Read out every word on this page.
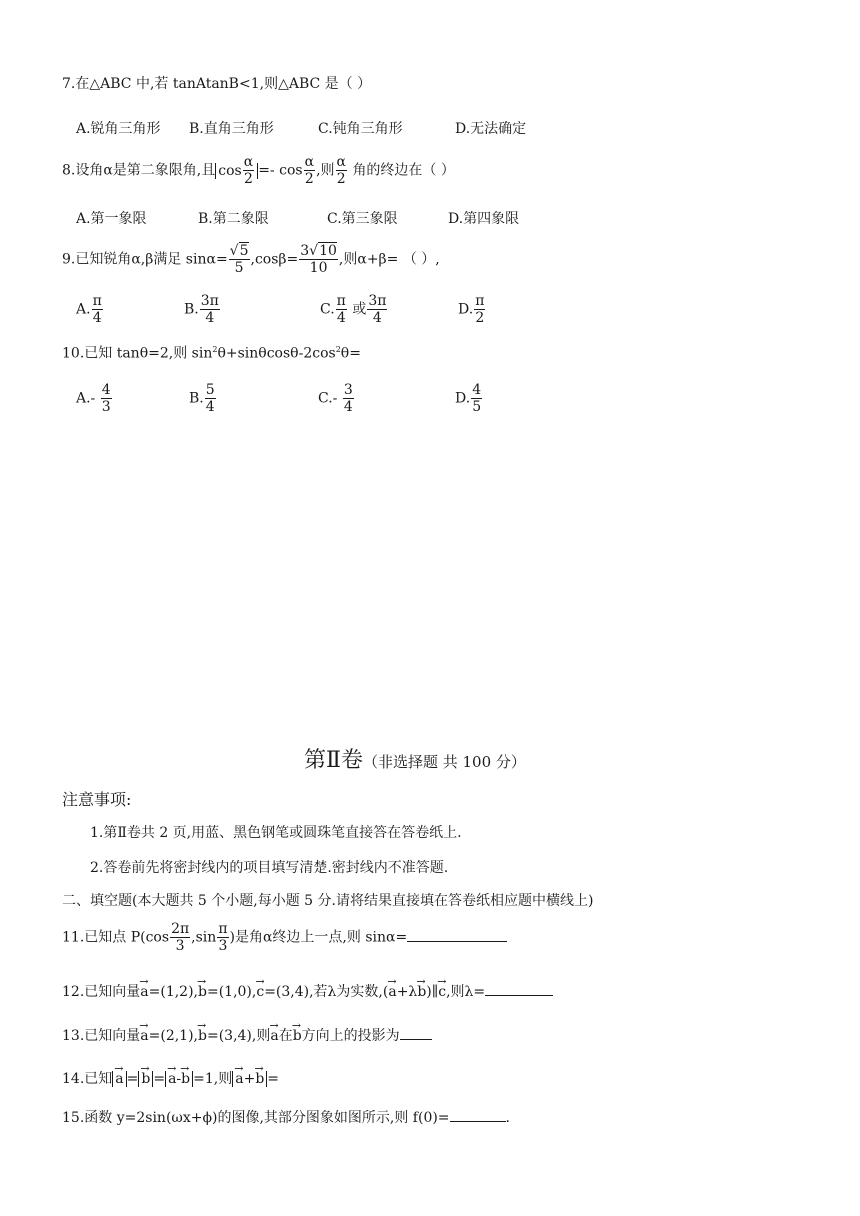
7.在△ABC 中,若 tanAtanB<1,则△ABC 是（ ）
A.锐角三角形 B.直角三角形	C.钝角三角形	D.无法确定
8.设角α是第二象限角,且 $\cos \frac{\alpha}{2} =- \cos \frac{\alpha}{2}$ ,则 $\frac{\alpha}{2}$ 角的终边在（ ）
A.第一象限	B.第二象限	C.第三象限	D.第四象限
9.已知锐角α,β满足 $\sin\alpha= \frac{√5}{5} ,\cos\beta= \frac{3√10}{10}$ ,则α+β= （ ）,
A. $\frac{\pi}{4}$	B. $\frac{3\pi}{4}$	C. $\frac{\pi}{4}$ 或 $\frac{3\pi}{4}$	D. $\frac{\pi}{2}$
10.已知 tanθ=2,则 $\sin^2\theta+\sin\theta\cos\theta-2\cos^2\theta=$
$A.- \frac{4}{3}$	B. $\frac{5}{4}$	$C.- \frac{3}{4}$	D. $\frac{4}{5}$
第Ⅱ卷（非选择题 共 100 分）
注意事项:
1.第Ⅱ卷共 2 页,用蓝、黑色钢笔或圆珠笔直接答在答卷纸上.
2.答卷前先将密封线内的项目填写清楚.密封线内不准答题.
二、填空题(本大题共 5 个小题,每小题 5 分.请将结果直接填在答卷纸相应题中横线上)
11.已知点 $P(\cos \frac{2\pi}{3} ,\sin \frac{\pi}{3}$ )是角α终边上一点,则 sinα=
12.已知向量→ a=(1,2),→ b=(1,0),→ c=(3,4),若λ为实数,(→ a+λ→ b)∥→ c,则λ=
13.已知向量→ a=(2,1),→ b=(3,4),则→ a在→ b方向上的投影为
14.已知 → a = → b = → a-→ b =1,则 → a+→ b =
15.函数 y=2sin(ωx+ϕ)的图像,其部分图象如图所示,则 f(0)=	.
